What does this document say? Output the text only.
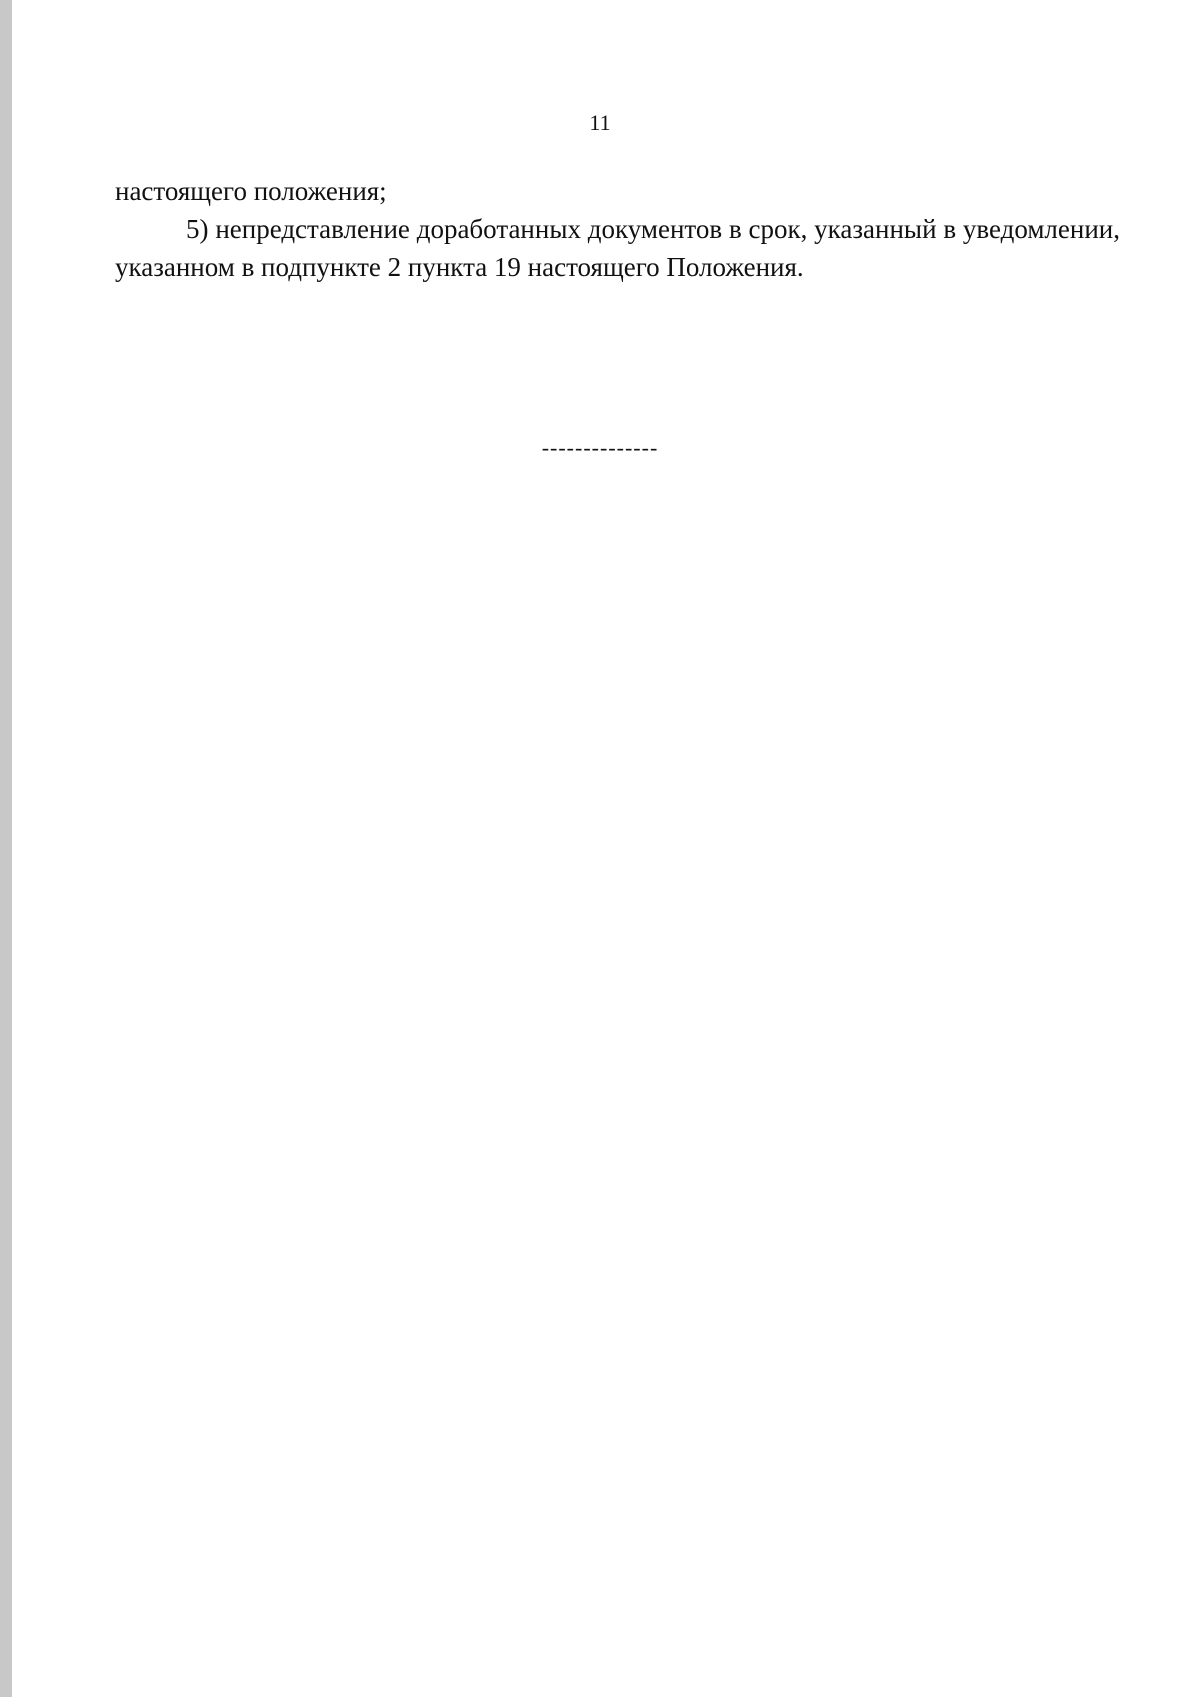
11
настоящего положения;
5) непредставление доработанных документов в срок, указанный в уведомлении, указанном в подпункте 2 пункта 19 настоящего Положения.
--------------
